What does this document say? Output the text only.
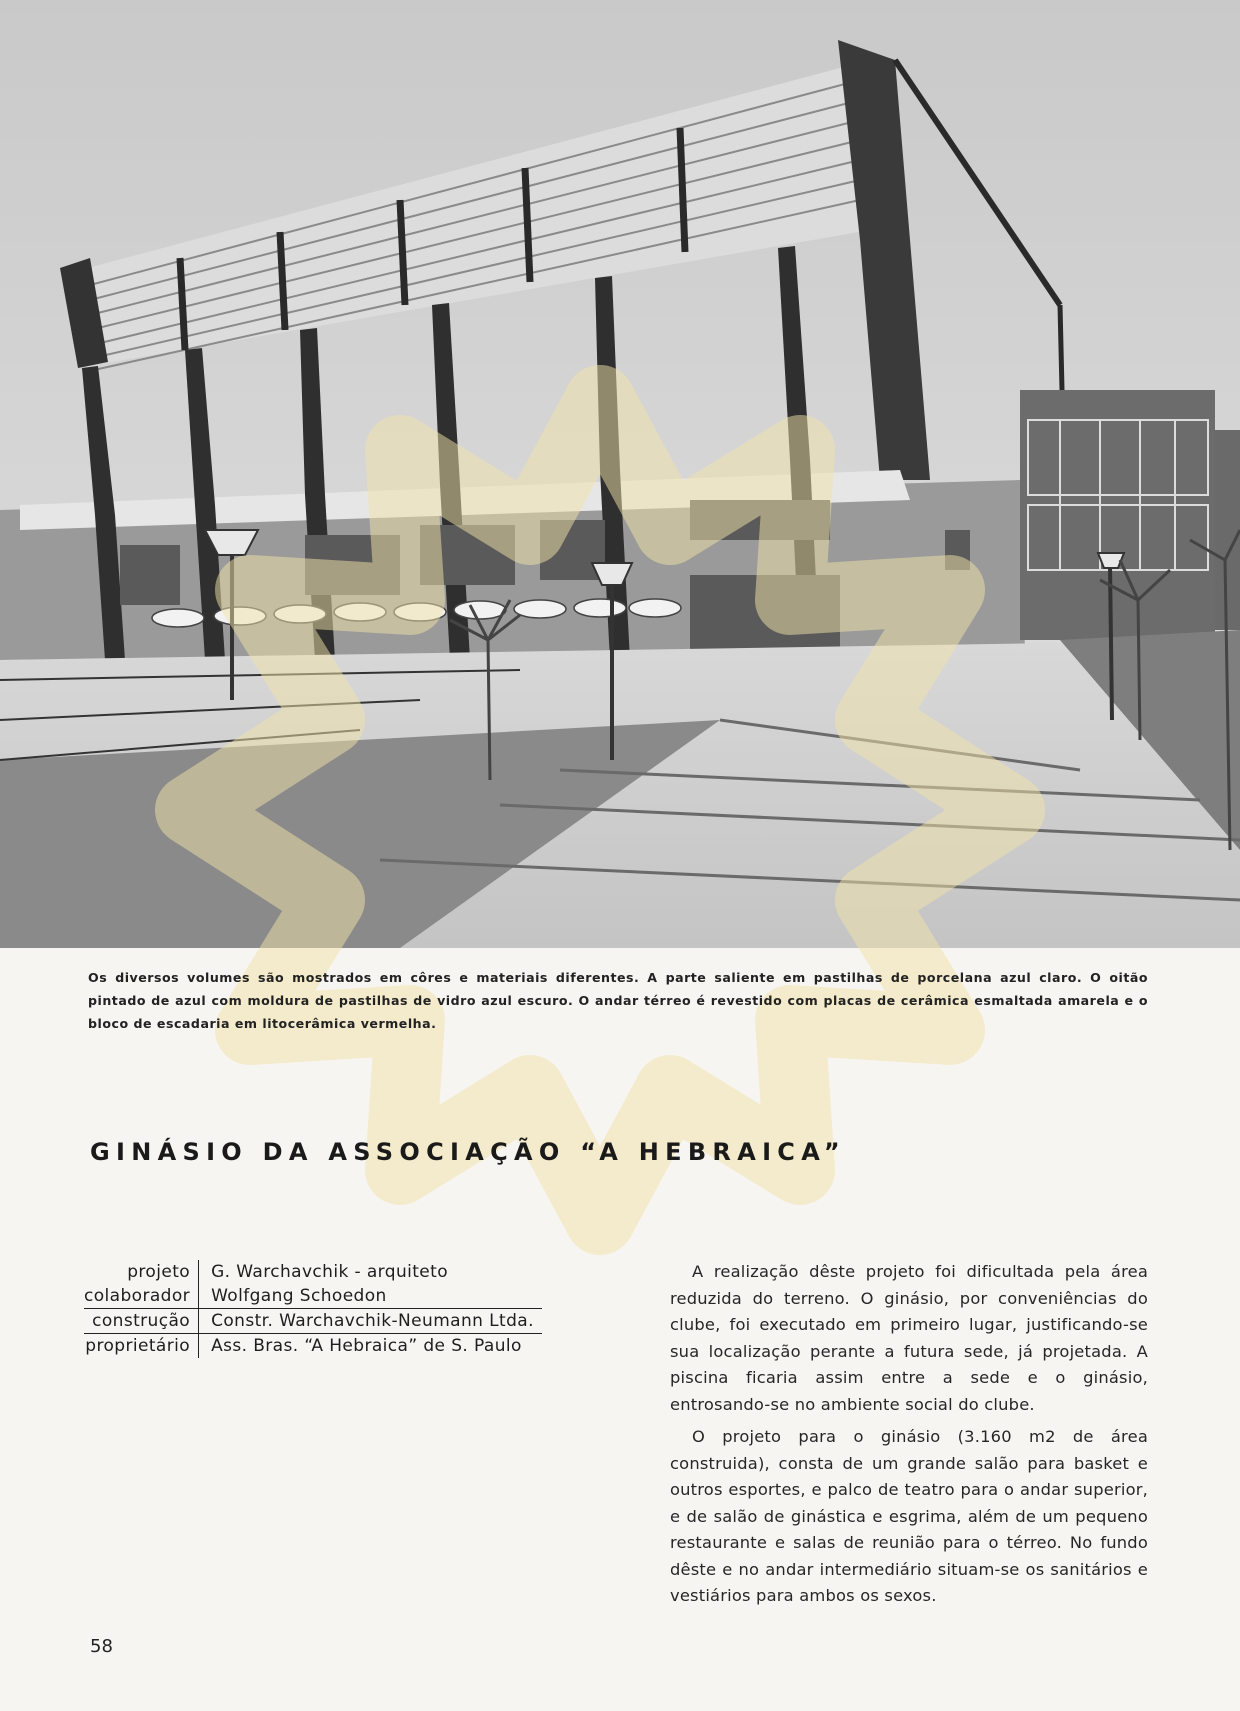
Os diversos volumes são mostrados em côres e materiais diferentes. A parte saliente em pastilhas de porcelana azul claro. O oitão pintado de azul com moldura de pastilhas de vidro azul escuro. O andar térreo é revestido com placas de cerâmica esmaltada amarela e o bloco de escadaria em litocerâmica vermelha.
GINÁSIO DA ASSOCIAÇÃO “A HEBRAICA”
projeto	G. Warchavchik - arquiteto
colaborador	Wolfgang Schoedon
construção	Constr. Warchavchik-Neumann Ltda.
proprietário	Ass. Bras. “A Hebraica” de S. Paulo

A realização dêste projeto foi dificultada pela área reduzida do terreno. O ginásio, por conveniências do clube, foi executado em primeiro lugar, justificando-se sua localização perante a futura sede, já projetada. A piscina ficaria assim entre a sede e o ginásio, entrosando-se no ambiente social do clube.

O projeto para o ginásio (3.160 m2 de área construida), consta de um grande salão para basket e outros esportes, e palco de teatro para o andar superior, e de salão de ginástica e esgrima, além de um pequeno restaurante e salas de reunião para o térreo. No fundo dêste e no andar intermediário situam-se os sanitários e vestiários para ambos os sexos.

58
